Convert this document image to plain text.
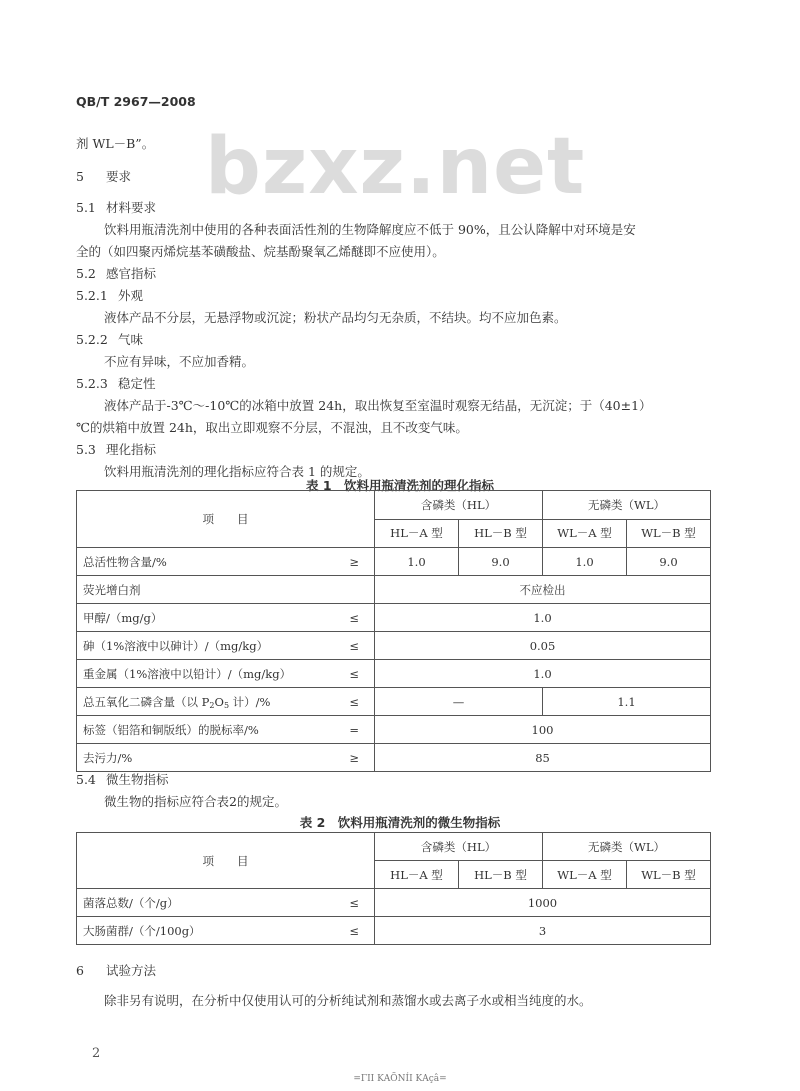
bzxz.net
QB/T 2967—2008
剂 WL－B”。
5 要求
5.1 材料要求
饮料用瓶清洗剂中使用的各种表面活性剂的生物降解度应不低于 90%，且公认降解中对环境是安
全的（如四聚丙烯烷基苯磺酸盐、烷基酚聚氧乙烯醚即不应使用）。
5.2 感官指标
5.2.1 外观
液体产品不分层，无悬浮物或沉淀；粉状产品均匀无杂质，不结块。均不应加色素。
5.2.2 气味
不应有异味，不应加香精。
5.2.3 稳定性
液体产品于-3℃～-10℃的冰箱中放置 24h，取出恢复至室温时观察无结晶，无沉淀；于（40±1）
℃的烘箱中放置 24h，取出立即观察不分层，不混浊，且不改变气味。
5.3 理化指标
饮料用瓶清洗剂的理化指标应符合表 1 的规定。
表 1　饮料用瓶清洗剂的理化指标
项　　目		含磷类（HL）		无磷类（WL）	
		HL－A 型	HL－B 型	WL－A 型	WL－B 型
总活性物含量/%	≥	1.0	9.0	1.0	9.0
荧光增白剂		不应检出			
甲醇/（mg/g）	≤	1.0			
砷（1%溶液中以砷计）/（mg/kg）	≤	0.05			
重金属（1%溶液中以铅计）/（mg/kg）	≤	1.0			
总五氧化二磷含量（以 $P_2O_5$ 计）/%	≤	—		1.1	
标签（铝箔和铜版纸）的脱标率/%	=	100			
去污力/%	≥	85			
5.4 微生物指标
微生物的指标应符合表2的规定。
表 2　饮料用瓶清洗剂的微生物指标
项　　目		含磷类（HL）		无磷类（WL）	
		HL－A 型	HL－B 型	WL－A 型	WL－B 型
菌落总数/（个/g）	≤	1000			
大肠菌群/（个/100g）	≤	3			
6 试验方法
除非另有说明，在分析中仅使用认可的分析纯试剂和蒸馏水或去离子水或相当纯度的水。
2
=ΓΙΙ ΚΑÕΝÍΙ ΚΑçâ=
